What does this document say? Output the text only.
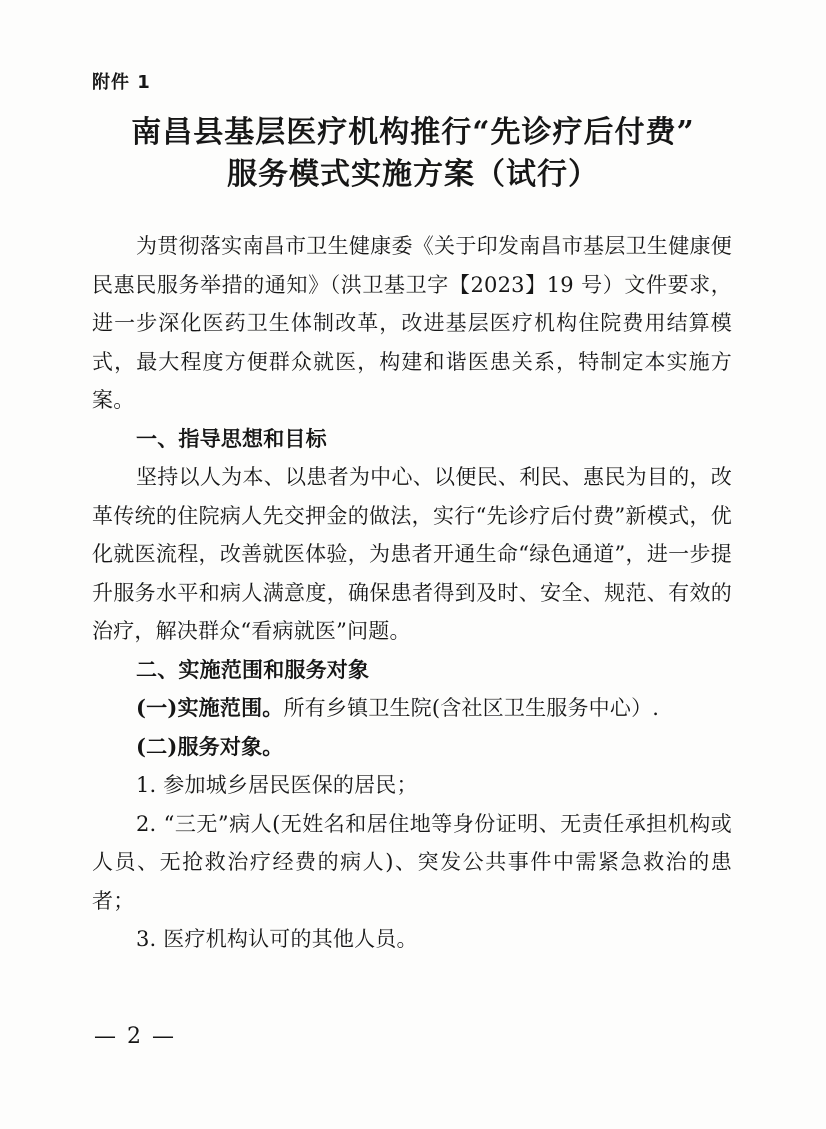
附件 1
南昌县基层医疗机构推行“先诊疗后付费”
服务模式实施方案（试行）

为贯彻落实南昌市卫生健康委《关于印发南昌市基层卫生健康便民惠民服务举措的通知》（洪卫基卫字【2023】19 号）文件要求，进一步深化医药卫生体制改革，改进基层医疗机构住院费用结算模式，最大程度方便群众就医，构建和谐医患关系，特制定本实施方案。

一、指导思想和目标

坚持以人为本、以患者为中心、以便民、利民、惠民为目的，改革传统的住院病人先交押金的做法，实行“先诊疗后付费”新模式，优化就医流程，改善就医体验，为患者开通生命“绿色通道”，进一步提升服务水平和病人满意度，确保患者得到及时、安全、规范、有效的治疗，解决群众“看病就医”问题。

二、实施范围和服务对象

(一)实施范围。所有乡镇卫生院(含社区卫生服务中心）.

(二)服务对象。

1. 参加城乡居民医保的居民；

2. “三无”病人(无姓名和居住地等身份证明、无责任承担机构或人员、无抢救治疗经费的病人)、突发公共事件中需紧急救治的患者；

3. 医疗机构认可的其他人员。

— 2 —
